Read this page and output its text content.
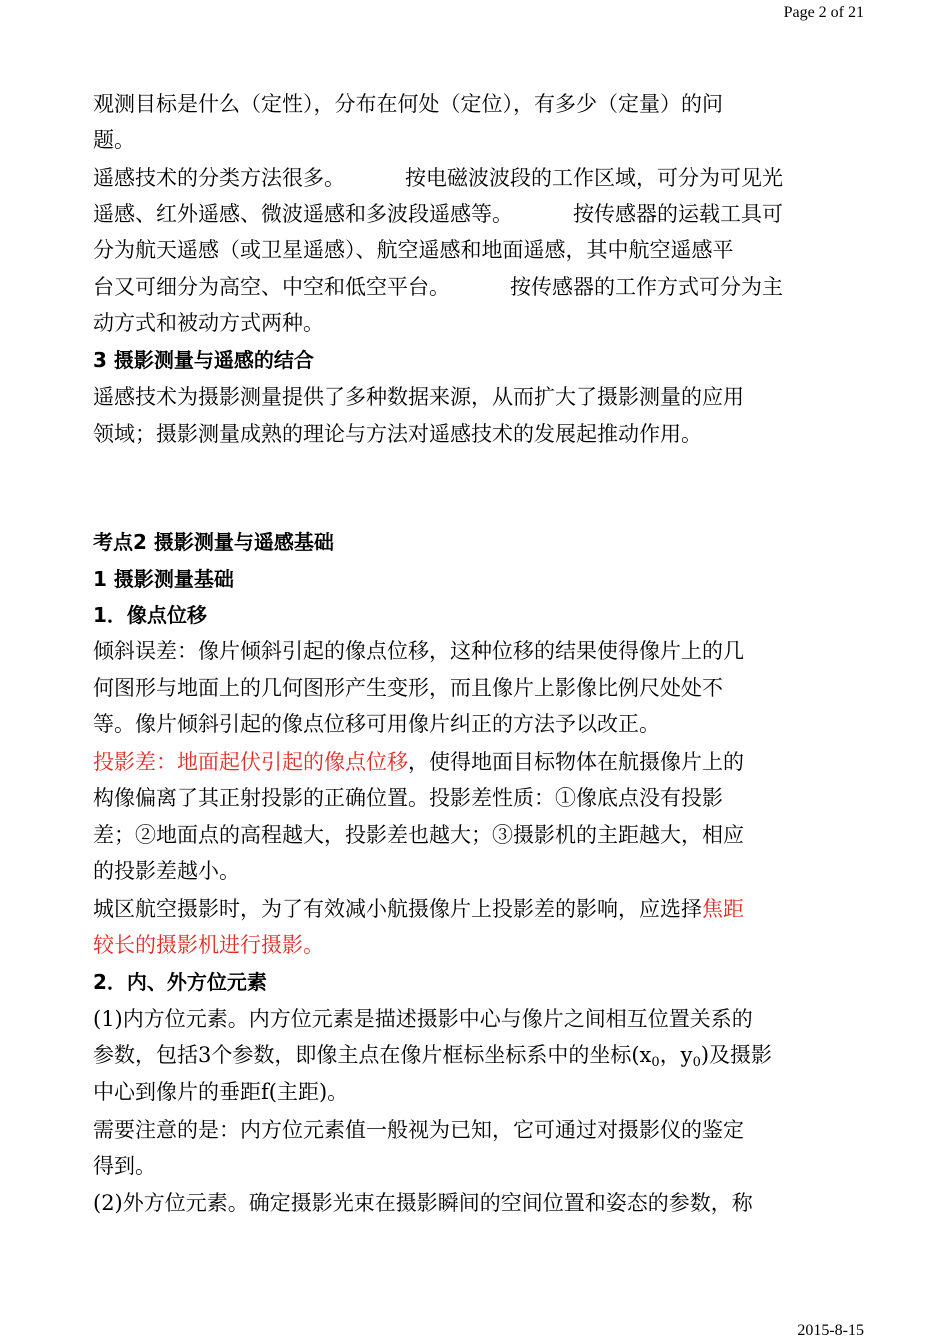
Page 2 of 21
观测目标是什么（定性），分布在何处（定位），有多少（定量）的问
题。
遥感技术的分类方法很多。	按电磁波波段的工作区域，可分为可见光
遥感、红外遥感、微波遥感和多波段遥感等。	按传感器的运载工具可
分为航天遥感（或卫星遥感）、航空遥感和地面遥感，其中航空遥感平
台又可细分为高空、中空和低空平台。	按传感器的工作方式可分为主
动方式和被动方式两种。
3 摄影测量与遥感的结合
遥感技术为摄影测量提供了多种数据来源，从而扩大了摄影测量的应用
领域；摄影测量成熟的理论与方法对遥感技术的发展起推动作用。
考点2 摄影测量与遥感基础
1 摄影测量基础
1．像点位移
倾斜误差：像片倾斜引起的像点位移，这种位移的结果使得像片上的几
何图形与地面上的几何图形产生变形，而且像片上影像比例尺处处不
等。像片倾斜引起的像点位移可用像片纠正的方法予以改正。
投影差：地面起伏引起的像点位移，使得地面目标物体在航摄像片上的
构像偏离了其正射投影的正确位置。投影差性质：①像底点没有投影
差；②地面点的高程越大，投影差也越大；③摄影机的主距越大，相应
的投影差越小。
城区航空摄影时，为了有效减小航摄像片上投影差的影响，应选择焦距
较长的摄影机进行摄影。
2．内、外方位元素
(1)内方位元素。内方位元素是描述摄影中心与像片之间相互位置关系的
参数，包括3个参数，即像主点在像片框标坐标系中的坐标($x_0$，$y_0$)及摄影
中心到像片的垂距f(主距)。
需要注意的是：内方位元素值一般视为已知，它可通过对摄影仪的鉴定
得到。
(2)外方位元素。确定摄影光束在摄影瞬间的空间位置和姿态的参数，称
2015-8-15
